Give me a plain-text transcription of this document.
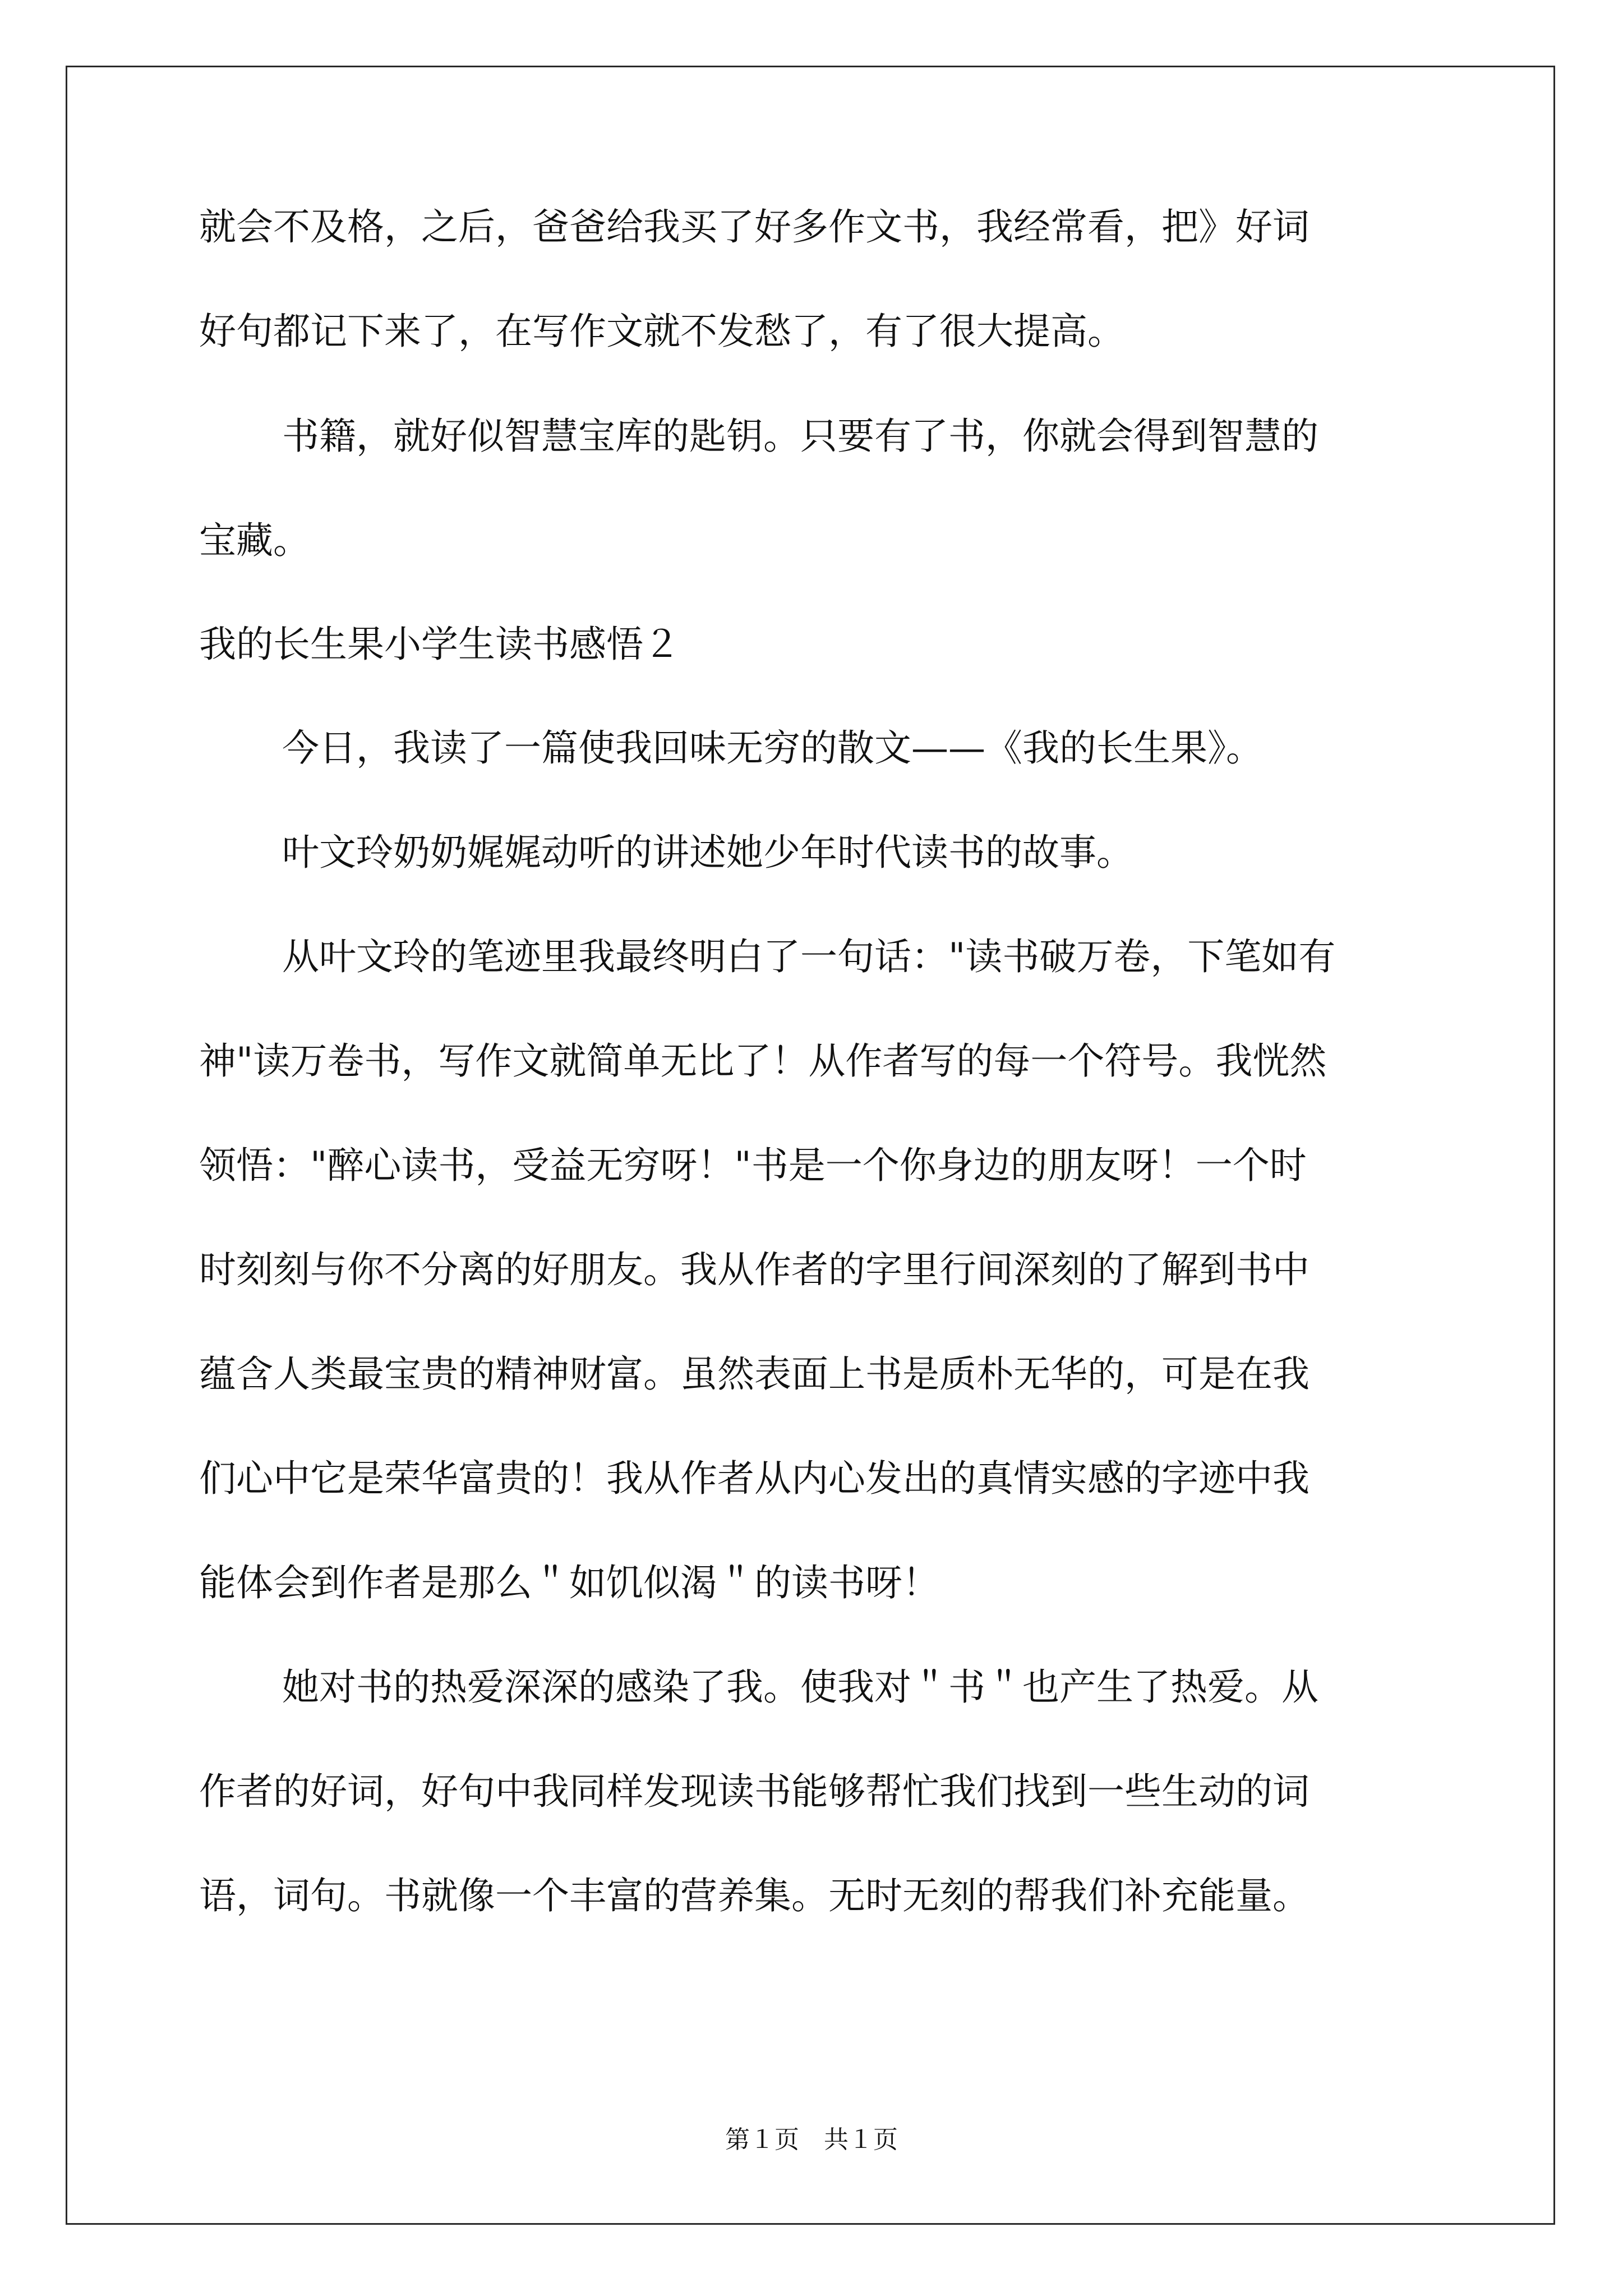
就会不及格，之后，爸爸给我买了好多作文书，我经常看，把》好词

好句都记下来了，在写作文就不发愁了，有了很大提高。

书籍，就好似智慧宝库的匙钥。只要有了书，你就会得到智慧的

宝藏。

我的长生果小学生读书感悟２

今日，我读了一篇使我回味无穷的散文——《我的长生果》。

叶文玲奶奶娓娓动听的讲述她少年时代读书的故事。

从叶文玲的笔迹里我最终明白了一句话："读书破万卷，下笔如有

神"读万卷书，写作文就简单无比了！从作者写的每一个符号。我恍然

领悟："醉心读书，受益无穷呀！"书是一个你身边的朋友呀！一个时

时刻刻与你不分离的好朋友。我从作者的字里行间深刻的了解到书中

蕴含人类最宝贵的精神财富。虽然表面上书是质朴无华的，可是在我

们心中它是荣华富贵的！我从作者从内心发出的真情实感的字迹中我

能体会到作者是那么＂如饥似渴＂的读书呀！

她对书的热爱深深的感染了我。使我对＂书＂也产生了热爱。从

作者的好词，好句中我同样发现读书能够帮忙我们找到一些生动的词

语，词句。书就像一个丰富的营养集。无时无刻的帮我们补充能量。

第１页　共１页
